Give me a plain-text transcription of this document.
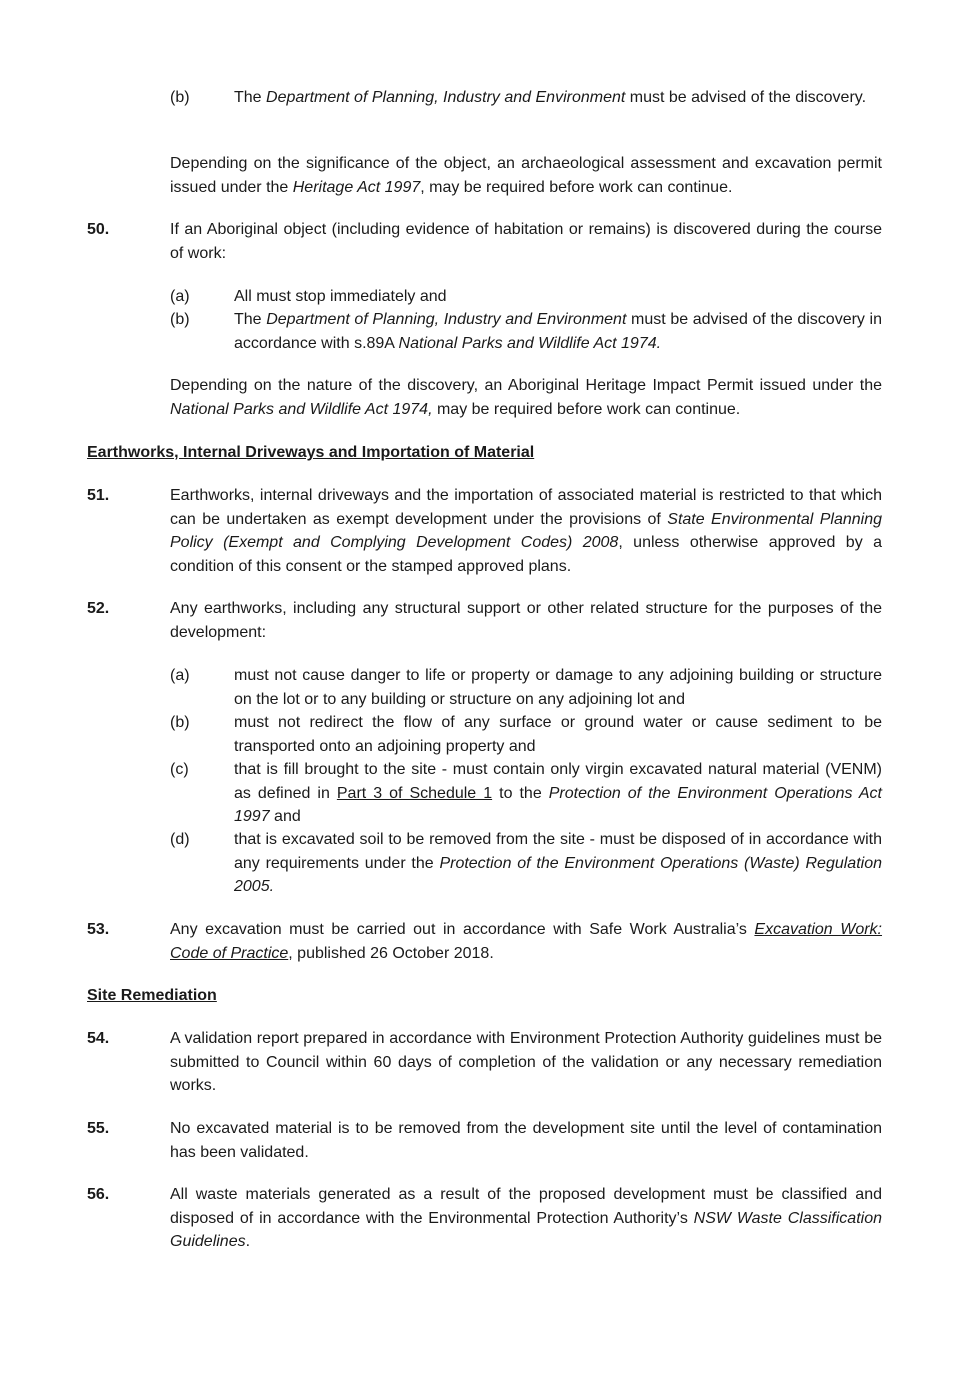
(b)	The Department of Planning, Industry and Environment must be advised of the discovery.
Depending on the significance of the object, an archaeological assessment and excavation permit issued under the Heritage Act 1997, may be required before work can continue.
50.	If an Aboriginal object (including evidence of habitation or remains) is discovered during the course of work:
(a)	All must stop immediately and
(b)	The Department of Planning, Industry and Environment must be advised of the discovery in accordance with s.89A National Parks and Wildlife Act 1974.
Depending on the nature of the discovery, an Aboriginal Heritage Impact Permit issued under the National Parks and Wildlife Act 1974, may be required before work can continue.
Earthworks, Internal Driveways and Importation of Material
51.	Earthworks, internal driveways and the importation of associated material is restricted to that which can be undertaken as exempt development under the provisions of State Environmental Planning Policy (Exempt and Complying Development Codes) 2008, unless otherwise approved by a condition of this consent or the stamped approved plans.
52.	Any earthworks, including any structural support or other related structure for the purposes of the development:
(a)	must not cause danger to life or property or damage to any adjoining building or structure on the lot or to any building or structure on any adjoining lot and
(b)	must not redirect the flow of any surface or ground water or cause sediment to be transported onto an adjoining property and
(c)	that is fill brought to the site - must contain only virgin excavated natural material (VENM) as defined in Part 3 of Schedule 1 to the Protection of the Environment Operations Act 1997 and
(d)	that is excavated soil to be removed from the site - must be disposed of in accordance with any requirements under the Protection of the Environment Operations (Waste) Regulation 2005.
53.	Any excavation must be carried out in accordance with Safe Work Australia’s Excavation Work: Code of Practice, published 26 October 2018.
Site Remediation
54.	A validation report prepared in accordance with Environment Protection Authority guidelines must be submitted to Council within 60 days of completion of the validation or any necessary remediation works.
55.	No excavated material is to be removed from the development site until the level of contamination has been validated.
56.	All waste materials generated as a result of the proposed development must be classified and disposed of in accordance with the Environmental Protection Authority’s NSW Waste Classification Guidelines.
